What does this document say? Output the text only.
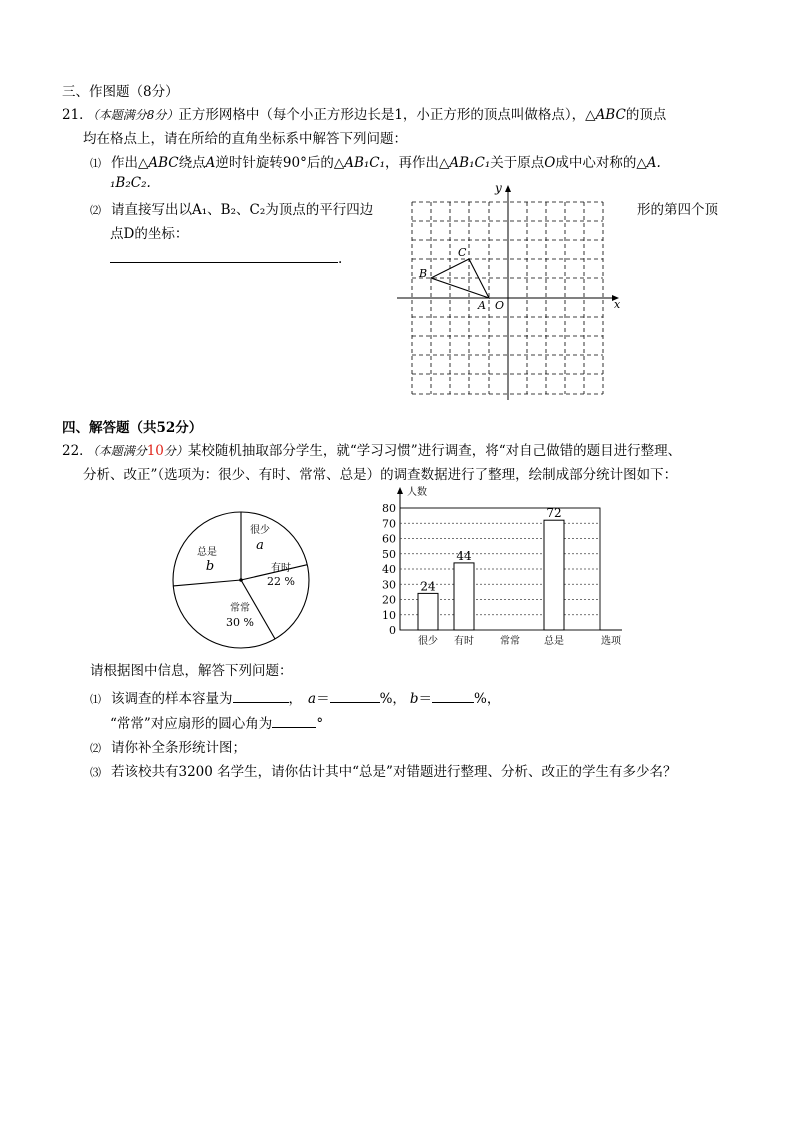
三、作图题（8分）
21．（本题满分8分）正方形网格中（每个小正方形边长是1，小正方形的顶点叫做格点），△ABC的顶点
均在格点上，请在所给的直角坐标系中解答下列问题：
⑴ 作出△ABC绕点A逆时针旋转90°后的△AB₁C₁，再作出△AB₁C₁关于原点O成中心对称的△A.
₁B₂C₂.
⑵ 请直接写出以A₁、B₂、C₂为顶点的平行四边	形的第四个顶
点D的坐标：
.
y
x
A
B
C
O
四、解答题（共52分）
22．（本题满分10分）某校随机抽取部分学生，就“学习习惯”进行调查，将“对自己做错的题目进行整理、
分析、改正”（选项为：很少、有时、常常、总是）的调查数据进行了整理，绘制成部分统计图如下：
很少
a
有时
22 %
常常
30 %
总是
b
24
44
72
0
10
20
30
40
50
60
70
80
很少 有时	常常 总是
人数
选项
请根据图中信息，解答下列问题：
⑴ 该调查的样本容量为	， a＝	%， b＝	%，
“常常”对应扇形的圆心角为	°
⑵ 请你补全条形统计图；
⑶ 若该校共有3200 名学生，请你估计其中“总是”对错题进行整理、分析、改正的学生有多少名？
